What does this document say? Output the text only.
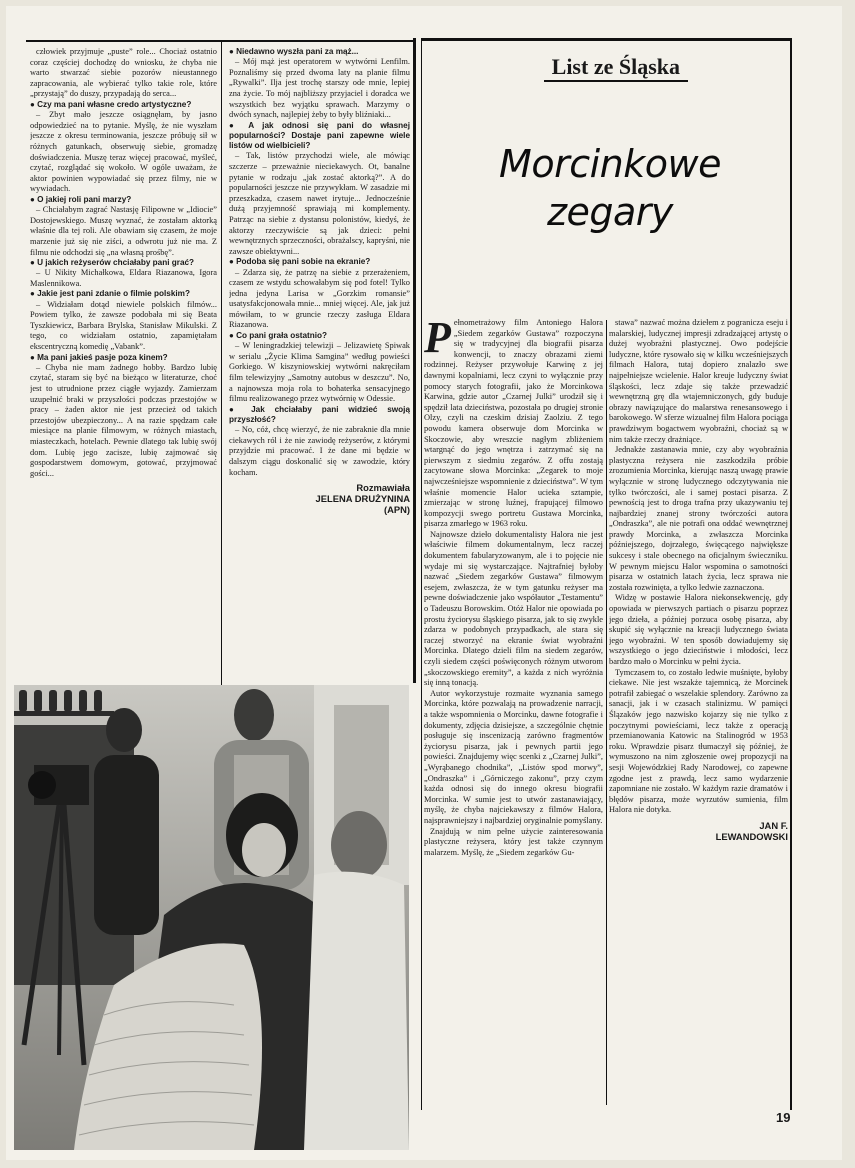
człowiek przyjmuje „puste” role... Chociaż ostatnio coraz częściej dochodzę do wniosku, że chyba nie warto stwarzać siebie pozorów nieustannego zapracowania, ale wybierać tylko takie role, które „przystają” do duszy, przypadają do serca...

● Czy ma pani własne credo artystyczne?

– Zbyt mało jeszcze osiągnęłam, by jasno odpowiedzieć na to pytanie. Myślę, że nie wyszłam jeszcze z okresu terminowania, jeszcze próbuję sił w różnych gatunkach, obserwuję siebie, gromadzę doświadczenia. Muszę teraz więcej pracować, myśleć, czytać, rozglądać się wokoło. W ogóle uważam, że aktor powinien wypowiadać się przez filmy, nie w wywiadach.

● O jakiej roli pani marzy?

– Chciałabym zagrać Nastasję Filipowne w „Idiocie” Dostojewskiego. Muszę wyznać, że zostałam aktorką właśnie dla tej roli. Ale obawiam się czasem, że moje marzenie już się nie ziści, a odwrotu już nie ma. Z filmu nie odchodzi się „na własną prośbę”.

● U jakich reżyserów chciałaby pani grać?

– U Nikity Michałkowa, Eldara Riazanowa, Igora Maslennikowa.

● Jakie jest pani zdanie o filmie polskim?

– Widziałam dotąd niewiele polskich filmów... Powiem tylko, że zawsze podobała mi się Beata Tyszkiewicz, Barbara Brylska, Stanisław Mikulski. Z tego, co widziałam ostatnio, zapamiętałam ekscentryczną komedię „Vabank”.

● Ma pani jakieś pasje poza kinem?

– Chyba nie mam żadnego hobby. Bardzo lubię czytać, staram się być na bieżąco w literaturze, choć jest to utrudnione przez ciągłe wyjazdy. Zamierzam uzupełnić braki w przyszłości podczas przestojów w pracy – żaden aktor nie jest przecież od takich przestojów ubezpieczony... A na razie spędzam całe miesiące na planie filmowym, w różnych miastach, miasteczkach, hotelach. Pewnie dlatego tak lubię swój dom. Lubię jego zacisze, lubię zajmować się gospodarstwem domowym, gotować, przyjmować gości...

● Niedawno wyszła pani za mąż...

– Mój mąż jest operatorem w wytwórni Lenfilm. Poznaliśmy się przed dwoma laty na planie filmu „Rywalki”. Ilja jest trochę starszy ode mnie, lepiej zna życie. To mój najbliższy przyjaciel i doradca we wszystkich bez wyjątku sprawach. Marzymy o dwóch synach, najlepiej żeby to były bliźniaki...

● A jak odnosi się pani do własnej popularności? Dostaje pani zapewne wiele listów od wielbicieli?

– Tak, listów przychodzi wiele, ale mówiąc szczerze – przeważnie nieciekawych. Ot, banalne pytanie w rodzaju „jak zostać aktorką?”. A do popularności jeszcze nie przywykłam. W zasadzie mi przeszkadza, czasem nawet irytuje... Jednocześnie dużą przyjemność sprawiają mi komplementy. Patrząc na siebie z dystansu polonistów, kiedyś, że aktorzy rzeczywiście są jak dzieci: pełni wewnętrznych sprzeczności, obrażalscy, kapryśni, nie zawsze obiektywni...

● Podoba się pani sobie na ekranie?

– Zdarza się, że patrzę na siebie z przerażeniem, czasem ze wstydu schowałabym się pod fotel! Tylko jedna jedyna Larisa w „Gorzkim romansie” usatysfakcjonowała mnie... mniej więcej. Ale, jak już mówiłam, to w gruncie rzeczy zasługa Eldara Riazanowa.

● Co pani grała ostatnio?

– W leningradzkiej telewizji – Jelizawietę Spiwak w serialu „Życie Klima Samgina” według powieści Gorkiego. W kiszyniowskiej wytwórni nakręciłam film telewizyjny „Samotny autobus w deszczu”. No, a najnowsza moja rola to bohaterka sensacyjnego filmu realizowanego przez wytwórnię w Odessie.

● Jak chciałaby pani widzieć swoją przyszłość?

– No, cóż, chcę wierzyć, że nie zabraknie dla mnie ciekawych ról i że nie zawiodę reżyserów, z którymi przyjdzie mi pracować. I że dane mi będzie w dalszym ciągu doskonalić się w zawodzie, który kocham.

Rozmawiała
JELENA DRUŻYNINA
(APN)
List ze Śląska
Morcinkowe
zegary

Pełnometrażowy film Antoniego Halora „Siedem zegarków Gustawa” rozpoczyna się w tradycyjnej dla biografii pisarza konwencji, to znaczy obrazami ziemi rodzinnej. Reżyser przywołuje Karwinę z jej dawnymi kopalniami, lecz czyni to wyłącznie przy pomocy starych fotografii, jako że Morcinkowa Karwina, gdzie autor „Czarnej Julki” urodził się i spędził lata dzieciństwa, pozostała po drugiej stronie Olzy, czyli na czeskim dzisiaj Zaolziu. Z tego powodu kamera obserwuje dom Morcinka w Skoczowie, aby wreszcie nagłym zbliżeniem wtargnąć do jego wnętrza i zatrzymać się na pierwszym z siedmiu zegarów. Z offu zostają zacytowane słowa Morcinka: „Zegarek to moje najwcześniejsze wspomnienie z dzieciństwa”. W tym właśnie momencie Halor ucieka sztampie, zmierzając w stronę luźnej, frapującej filmowo kompozycji swego portretu Gustawa Morcinka, pisarza zmarłego w 1963 roku.

Najnowsze dzieło dokumentalisty Halora nie jest właściwie filmem dokumentalnym, lecz raczej dokumentem fabularyzowanym, ale i to pojęcie nie wydaje mi się wystarczające. Najtrafniej byłoby nazwać „Siedem zegarków Gustawa” filmowym esejem, zwłaszcza, że w tym gatunku reżyser ma pewne doświadczenie jako współautor „Testamentu” o Tadeuszu Borowskim. Otóż Halor nie opowiada po prostu życiorysu śląskiego pisarza, jak to się zwykle zdarza w podobnych przypadkach, ale stara się raczej stworzyć na ekranie świat wyobraźni Morcinka. Dlatego dzieli film na siedem zegarów, czyli siedem części poświęconych różnym utworom „skoczowskiego eremity”, a każda z nich wyróżnia się inną tonacją.

Autor wykorzystuje rozmaite wyznania samego Morcinka, które pozwalają na prowadzenie narracji, a także wspomnienia o Morcinku, dawne fotografie i dokumenty, zdjęcia dzisiejsze, a szczególnie chętnie posługuje się inscenizacją zarówno fragmentów życiorysu pisarza, jak i pewnych partii jego powieści. Znajdujemy więc scenki z „Czarnej Julki”, „Wyrąbanego chodnika”, „Listów spod morwy”, „Ondraszka” i „Górniczego zakonu”, przy czym każda odnosi się do innego okresu biografii Morcinka. W sumie jest to utwór zastanawiający, myślę, że chyba najciekawszy z filmów Halora, najsprawniejszy i najbardziej oryginalnie pomyślany.

Znajdują w nim pełne użycie zainteresowania plastyczne reżysera, który jest także czynnym malarzem. Myślę, że „Siedem zegarków Gu-

stawa” nazwać można dziełem z pogranicza eseju i malarskiej, ludycznej impresji zdradzającej artystę o dużej wyobraźni plastycznej. Owo podejście ludyczne, które rysowało się w kilku wcześniejszych filmach Halora, tutaj dopiero znalazło swe najpełniejsze wcielenie. Halor kreuje ludyczny świat śląskości, lecz zdaje się także przewadzić wewnętrzną grę dla wtajemniczonych, gdy buduje obrazy nawiązujące do malarstwa renesansowego i barokowego. W sferze wizualnej film Halora pociąga prawdziwym bogactwem wyobraźni, chociaż są w nim także rzeczy drażniące.

Jednakże zastanawia mnie, czy aby wyobraźnia plastyczna reżysera nie zaszkodziła próbie zrozumienia Morcinka, kierując naszą uwagę prawie wyłącznie w stronę ludycznego odczytywania nie tylko twórczości, ale i samej postaci pisarza. Z pewnością jest to droga trafna przy ukazywaniu tej najbardziej znanej strony twórczości autora „Ondraszka”, ale nie potrafi ona oddać wewnętrznej prawdy Morcinka, a zwłaszcza Morcinka późniejszego, dojrzałego, święcącego największe sukcesy i stale obecnego na oficjalnym świeczniku. W pewnym miejscu Halor wspomina o samotności pisarza w ostatnich latach życia, lecz sprawa nie została rozwinięta, a tylko ledwie zaznaczona.

Widzę w postawie Halora niekonsekwencję, gdy opowiada w pierwszych partiach o pisarzu poprzez jego dzieła, a później porzuca osobę pisarza, aby skupić się wyłącznie na kreacji ludycznego świata jego wyobraźni. W ten sposób dowiadujemy się wszystkiego o jego dzieciństwie i młodości, lecz bardzo mało o Morcinku w pełni życia.

Tymczasem to, co zostało ledwie muśnięte, byłoby ciekawe. Nie jest wszakże tajemnicą, że Morcinek potrafił zabiegać o wszelakie splendory. Zarówno za sanacji, jak i w czasach stalinizmu. W pamięci Ślązaków jego nazwisko kojarzy się nie tylko z poczytnymi powieściami, lecz także z operacją przemianowania Katowic na Stalinogród w 1953 roku. Wprawdzie pisarz tłumaczył się później, że wymuszono na nim zgłoszenie owej propozycji na sesji Wojewódzkiej Rady Narodowej, co zapewne zgodne jest z prawdą, lecz samo wydarzenie zapomniane nie zostało. W każdym razie dramatów i błędów pisarza, może wyrzutów sumienia, film Halora nie dotyka.

JAN F.
LEWANDOWSKI
19
